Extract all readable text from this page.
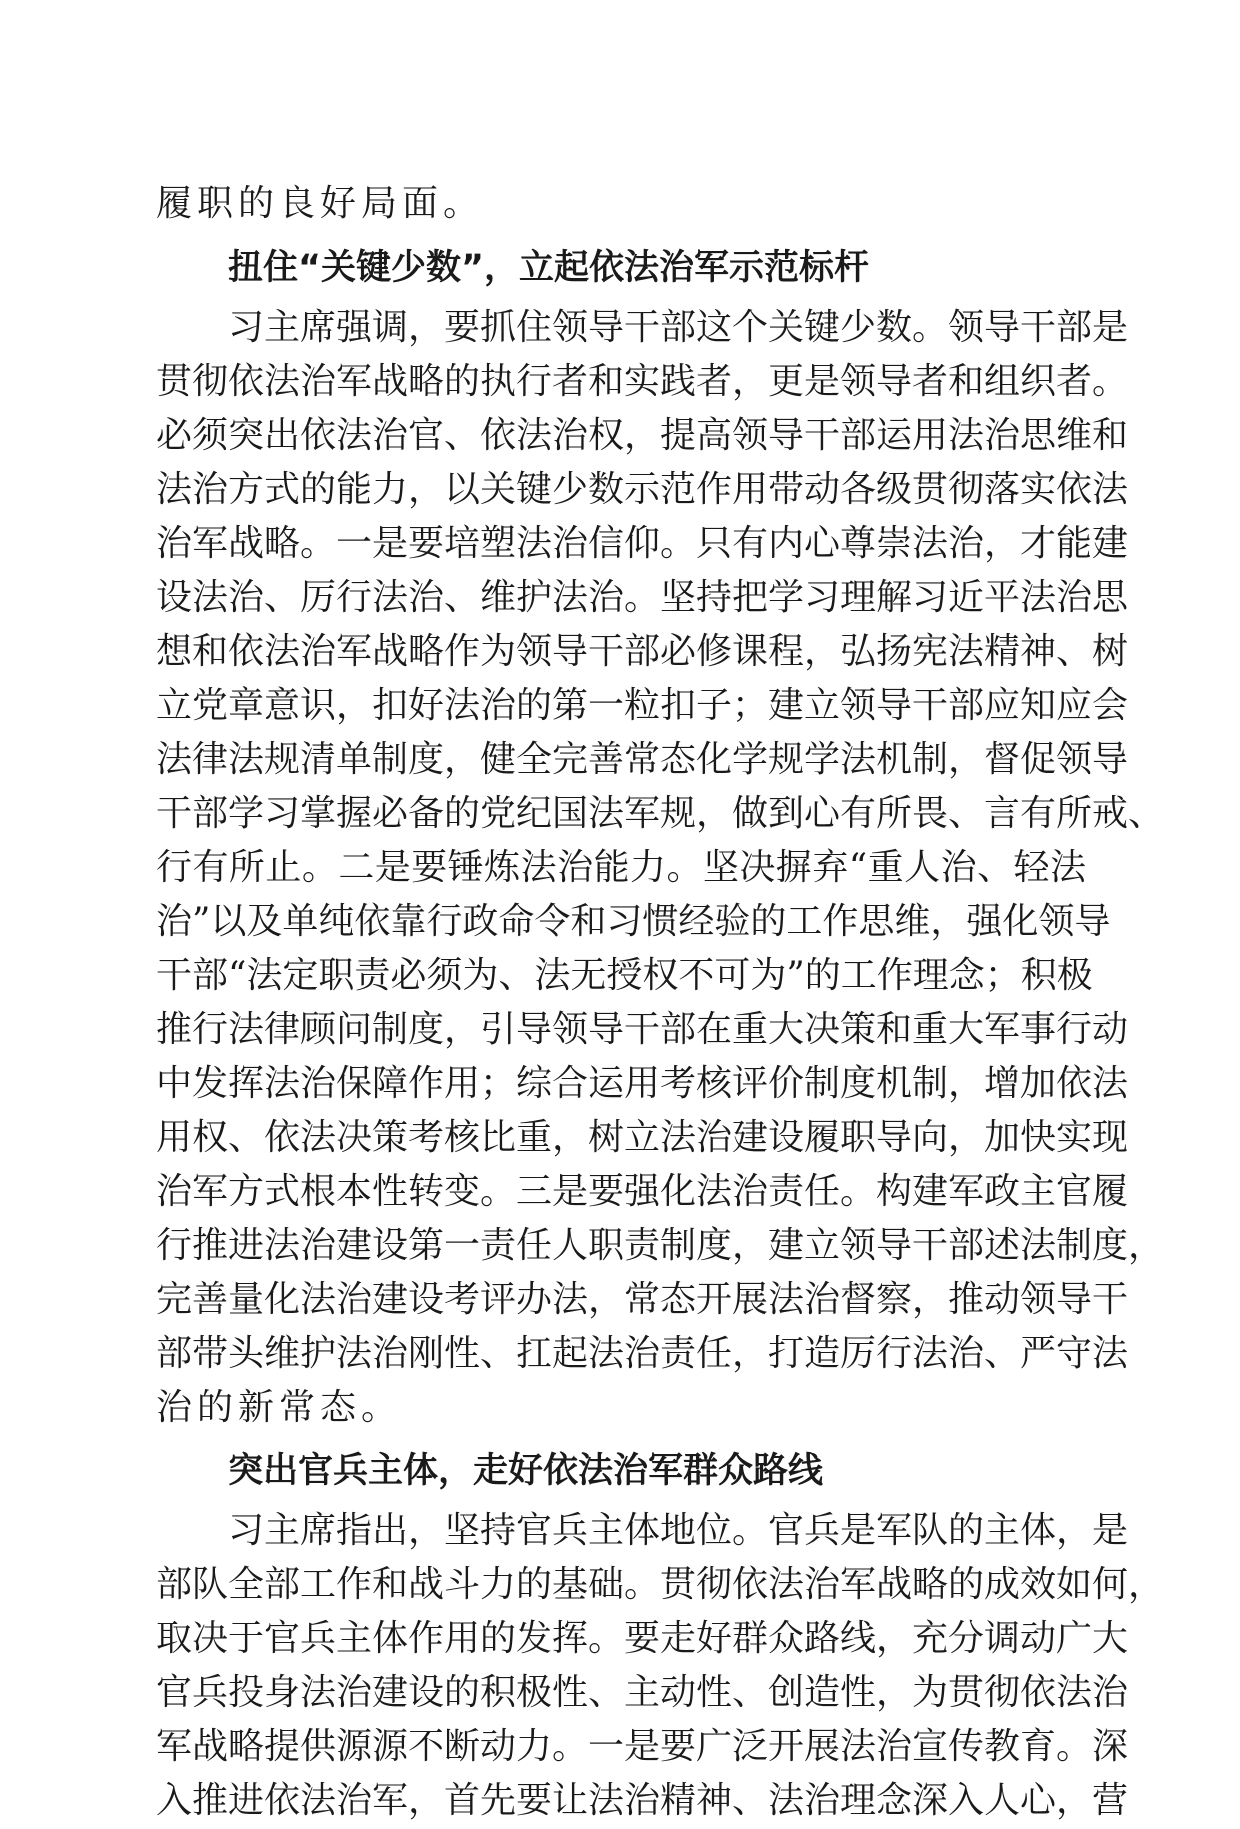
履职的良好局面。
扭住“关键少数”，立起依法治军示范标杆
习主席强调，要抓住领导干部这个关键少数。领导干部是
贯彻依法治军战略的执行者和实践者，更是领导者和组织者。
必须突出依法治官、依法治权，提高领导干部运用法治思维和
法治方式的能力，以关键少数示范作用带动各级贯彻落实依法
治军战略。一是要培塑法治信仰。只有内心尊崇法治，才能建
设法治、厉行法治、维护法治。坚持把学习理解习近平法治思
想和依法治军战略作为领导干部必修课程，弘扬宪法精神、树
立党章意识，扣好法治的第一粒扣子；建立领导干部应知应会
法律法规清单制度，健全完善常态化学规学法机制，督促领导
干部学习掌握必备的党纪国法军规，做到心有所畏、言有所戒、
行有所止。二是要锤炼法治能力。坚决摒弃“重人治、轻法
治”以及单纯依靠行政命令和习惯经验的工作思维，强化领导
干部“法定职责必须为、法无授权不可为”的工作理念；积极
推行法律顾问制度，引导领导干部在重大决策和重大军事行动
中发挥法治保障作用；综合运用考核评价制度机制，增加依法
用权、依法决策考核比重，树立法治建设履职导向，加快实现
治军方式根本性转变。三是要强化法治责任。构建军政主官履
行推进法治建设第一责任人职责制度，建立领导干部述法制度，
完善量化法治建设考评办法，常态开展法治督察，推动领导干
部带头维护法治刚性、扛起法治责任，打造厉行法治、严守法
治的新常态。
突出官兵主体，走好依法治军群众路线
习主席指出，坚持官兵主体地位。官兵是军队的主体，是
部队全部工作和战斗力的基础。贯彻依法治军战略的成效如何，
取决于官兵主体作用的发挥。要走好群众路线，充分调动广大
官兵投身法治建设的积极性、主动性、创造性，为贯彻依法治
军战略提供源源不断动力。一是要广泛开展法治宣传教育。深
入推进依法治军，首先要让法治精神、法治理念深入人心，营
